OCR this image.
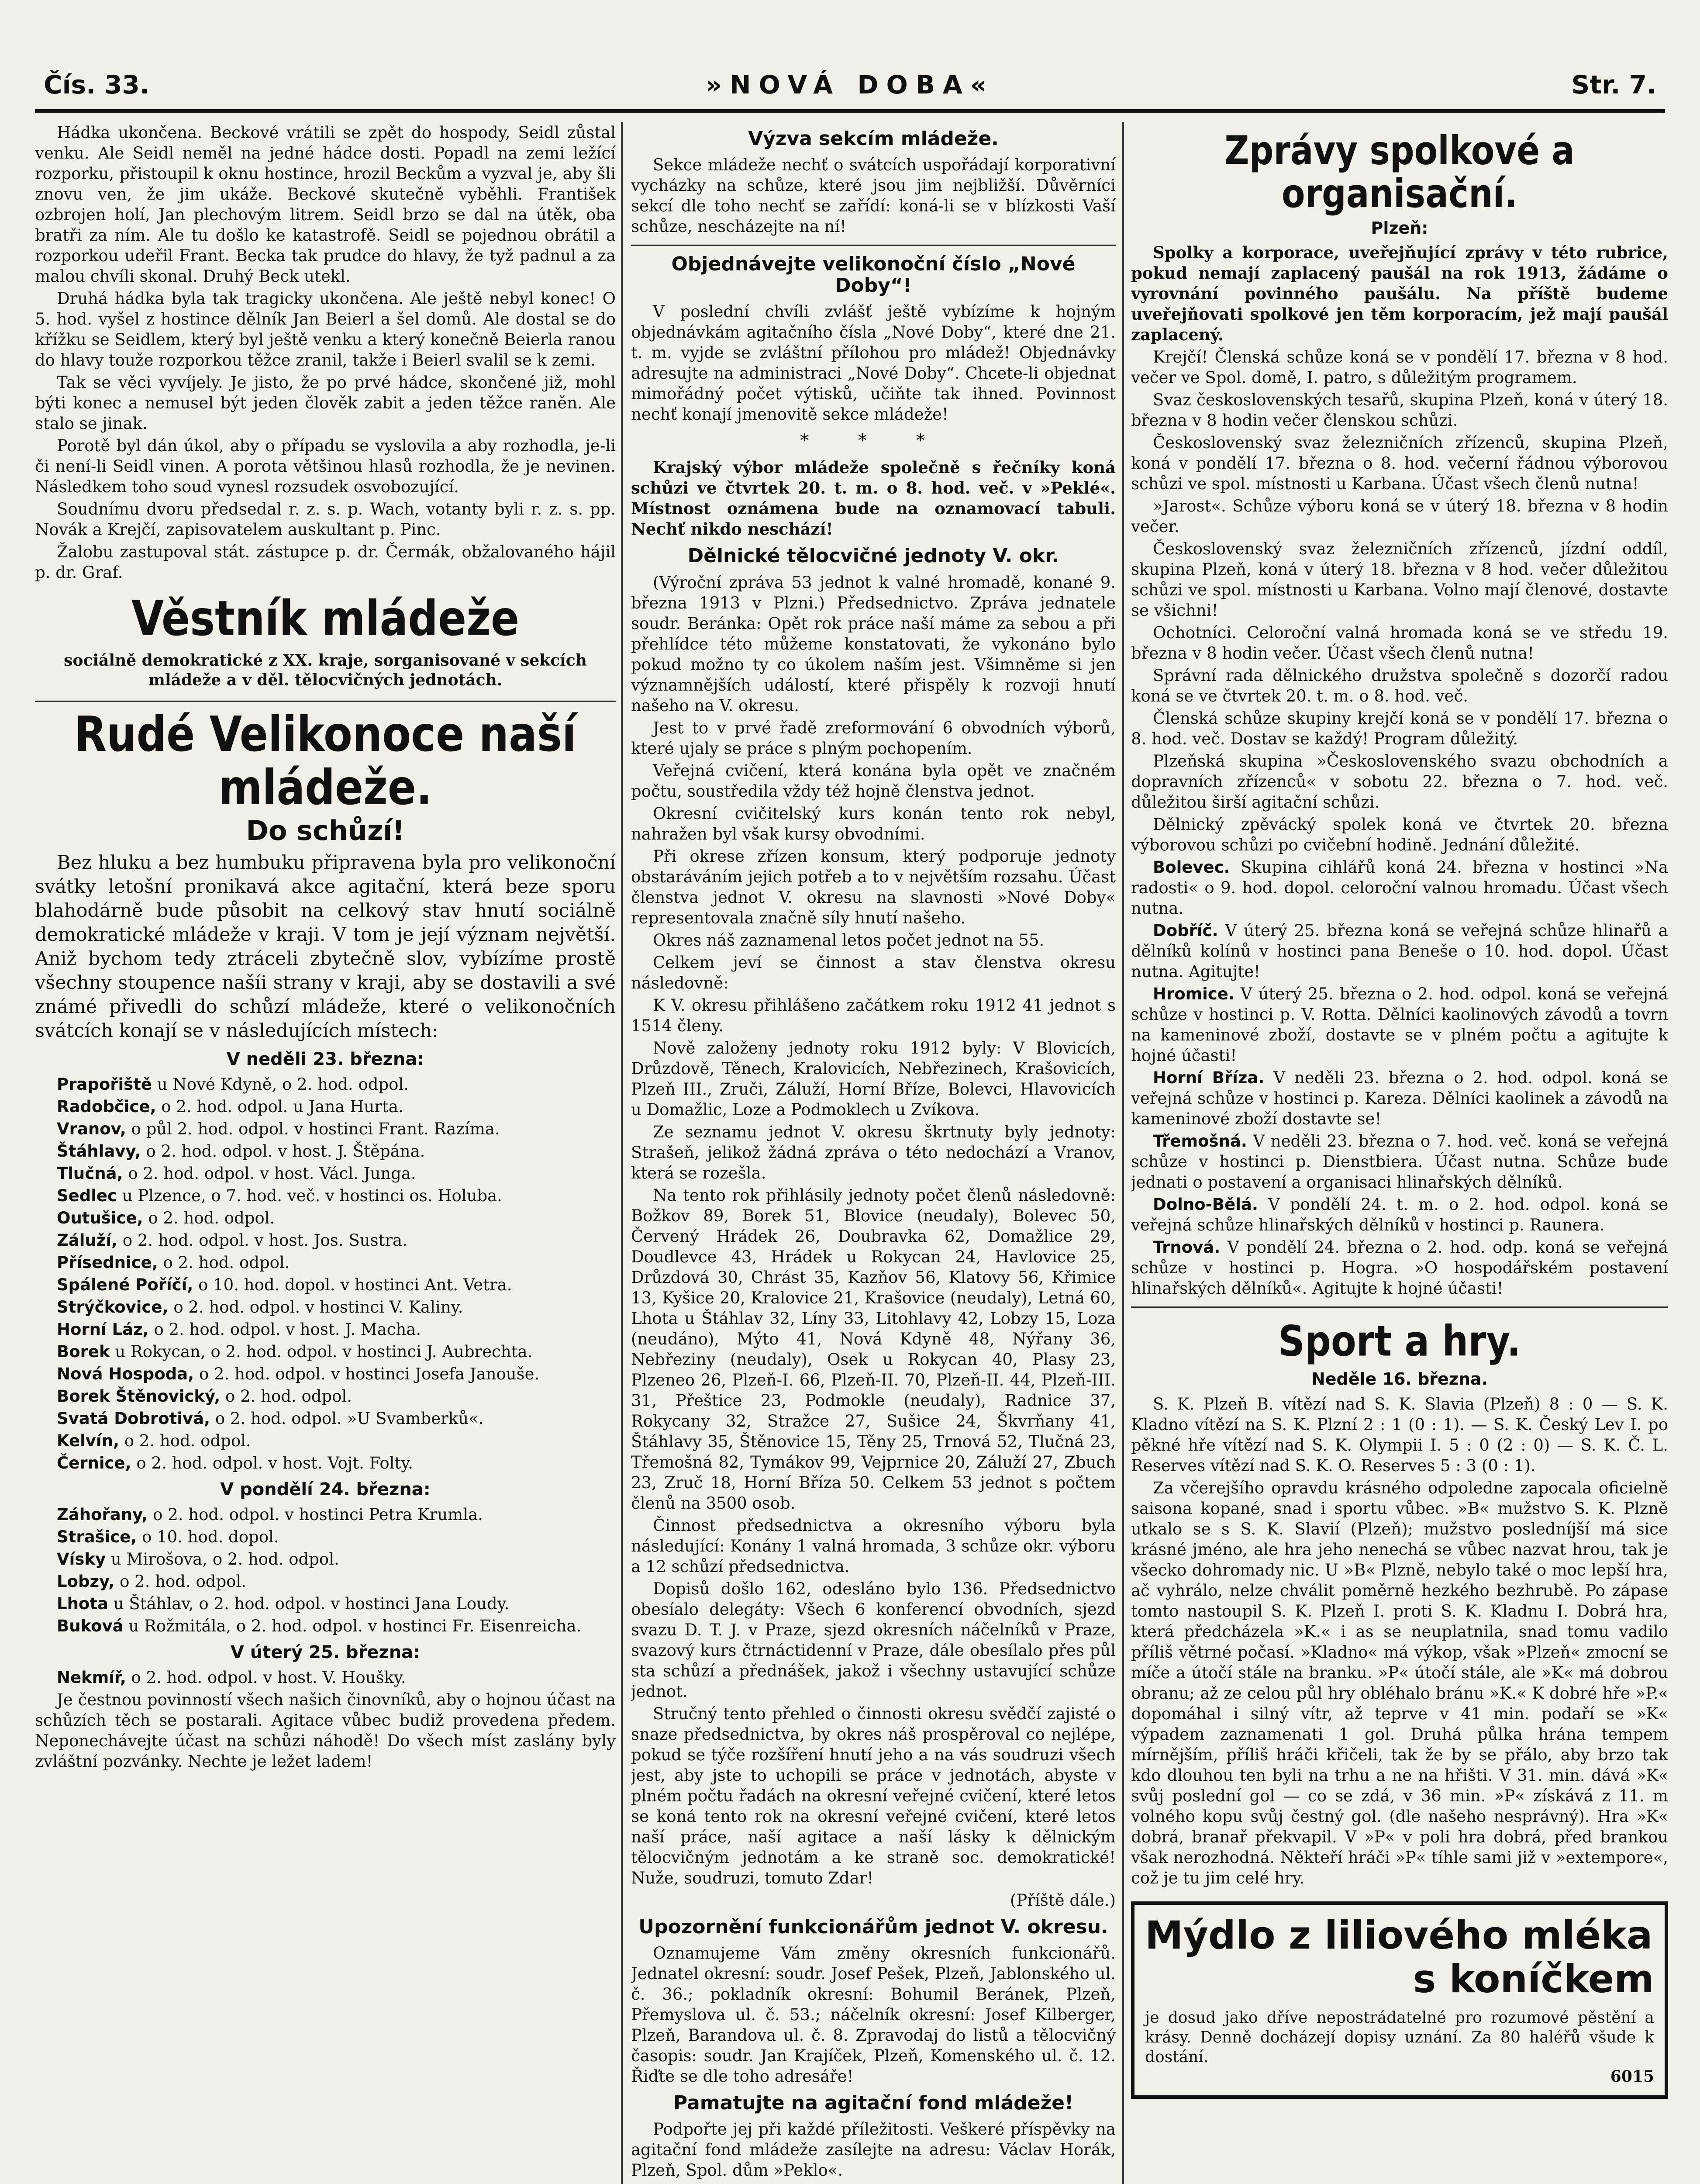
Čís. 33.	»NOVÁ DOBA«	Str. 7.

Hádka ukončena. Beckové vrátili se zpět do hospody, Seidl zůstal venku. Ale Seidl neměl na jedné hádce dosti. Popadl na zemi ležící rozporku, přistoupil k oknu hostince, hrozil Beckům a vyzval je, aby šli znovu ven, že jim ukáže. Beckové skutečně vyběhli. František ozbrojen holí, Jan plechovým litrem. Seidl brzo se dal na útěk, oba bratři za ním. Ale tu došlo ke katastrofě. Seidl se pojednou obrátil a rozporkou udeřil Frant. Becka tak prudce do hlavy, že tyž padnul a za malou chvíli skonal. Druhý Beck utekl.

Druhá hádka byla tak tragicky ukončena. Ale ještě nebyl konec! O 5. hod. vyšel z hostince dělník Jan Beierl a šel domů. Ale dostal se do křížku se Seidlem, který byl ještě venku a který konečně Beierla ranou do hlavy touže rozporkou těžce zranil, takže i Beierl svalil se k zemi.

Tak se věci vyvíjely. Je jisto, že po prvé hádce, skončené již, mohl býti konec a nemusel být jeden člověk zabit a jeden těžce raněn. Ale stalo se jinak.

Porotě byl dán úkol, aby o případu se vyslovila a aby rozhodla, je-li či není-li Seidl vinen. A porota většinou hlasů rozhodla, že je nevinen. Následkem toho soud vynesl rozsudek osvobozující.

Soudnímu dvoru předsedal r. z. s. p. Wach, votanty byli r. z. s. pp. Novák a Krejčí, zapisovatelem auskultant p. Pinc.

Žalobu zastupoval stát. zástupce p. dr. Čermák, obžalovaného hájil p. dr. Graf.

Věstník mládeže
sociálně demokratické z XX. kraje, sorganisované v sekcích mládeže a v děl. tělocvičných jednotách.
Rudé Velikonoce naší mládeže.
Do schůzí!

Bez hluku a bez humbuku připravena byla pro velikonoční svátky letošní pronikavá akce agitační, která beze sporu blahodárně bude působit na celkový stav hnutí sociálně demokratické mládeže v kraji. V tom je její význam největší. Aniž bychom tedy ztráceli zbytečně slov, vybízíme prostě všechny stoupence našíi strany v kraji, aby se dostavili a své známé přivedli do schůzí mládeže, které o velikonočních svátcích konají se v následujících místech:

V neděli 23. března:

Prapořiště u Nové Kdyně, o 2. hod. odpol.

Radobčice, o 2. hod. odpol. u Jana Hurta.

Vranov, o půl 2. hod. odpol. v hostinci Frant. Razíma.

Štáhlavy, o 2. hod. odpol. v host. J. Štěpána.

Tlučná, o 2. hod. odpol. v host. Václ. Junga.

Sedlec u Plzence, o 7. hod. več. v hostinci os. Holuba.

Outušice, o 2. hod. odpol.

Záluží, o 2. hod. odpol. v host. Jos. Sustra.

Přísednice, o 2. hod. odpol.

Spálené Poříčí, o 10. hod. dopol. v hostinci Ant. Vetra.

Strýčkovice, o 2. hod. odpol. v hostinci V. Kaliny.

Horní Láz, o 2. hod. odpol. v host. J. Macha.

Borek u Rokycan, o 2. hod. odpol. v hostinci J. Aubrechta.

Nová Hospoda, o 2. hod. odpol. v hostinci Josefa Janouše.

Borek Štěnovický, o 2. hod. odpol.

Svatá Dobrotivá, o 2. hod. odpol. »U Svamberků«.

Kelvín, o 2. hod. odpol.

Černice, o 2. hod. odpol. v host. Vojt. Folty.

V pondělí 24. března:

Záhořany, o 2. hod. odpol. v hostinci Petra Krumla.

Strašice, o 10. hod. dopol.

Vísky u Mirošova, o 2. hod. odpol.

Lobzy, o 2. hod. odpol.

Lhota u Štáhlav, o 2. hod. odpol. v hostinci Jana Loudy.

Buková u Rožmitála, o 2. hod. odpol. v hostinci Fr. Eisenreicha.

V úterý 25. března:

Nekmíř, o 2. hod. odpol. v host. V. Houšky.

Je čestnou povinností všech našich činovníků, aby o hojnou účast na schůzích těch se postarali. Agitace vůbec budiž provedena předem. Neponechávejte účast na schůzi náhodě! Do všech míst zaslány byly zvláštní pozvánky. Nechte je ležet ladem!

Výzva sekcím mládeže.

Sekce mládeže nechť o svátcích uspořádají korporativní vycházky na schůze, které jsou jim nejbližší. Důvěrníci sekcí dle toho nechť se zařídí: koná-li se v blízkosti Vaší schůze, nescházejte na ní!

Objednávejte velikonoční číslo „Nové Doby“!

V poslední chvíli zvlášť ještě vybízíme k hojným objednávkám agitačního čísla „Nové Doby“, které dne 21. t. m. vyjde se zvláštní přílohou pro mládež! Objednávky adresujte na administraci „Nové Doby“. Chcete-li objednat mimořádný počet výtisků, učiňte tak ihned. Povinnost nechť konají jmenovitě sekce mládeže!

* * *

Krajský výbor mládeže společně s řečníky koná schůzi ve čtvrtek 20. t. m. o 8. hod. več. v »Peklé«. Místnost oznámena bude na oznamovací tabuli. Nechť nikdo neschází!

Dělnické tělocvičné jednoty V. okr.

(Výroční zpráva 53 jednot k valné hromadě, konané 9. března 1913 v Plzni.) Předsednictvo. Zpráva jednatele soudr. Beránka: Opět rok práce naší máme za sebou a při přehlídce této můžeme konstatovati, že vykonáno bylo pokud možno ty co úkolem naším jest. Všimněme si jen významnějších událostí, které přispěly k rozvoji hnutí našeho na V. okresu.

Jest to v prvé řadě zreformování 6 obvodních výborů, které ujaly se práce s plným pochopením.

Veřejná cvičení, která konána byla opět ve značném počtu, soustředila vždy též hojně členstva jednot.

Okresní cvičitelský kurs konán tento rok nebyl, nahražen byl však kursy obvodními.

Při okrese zřízen konsum, který podporuje jednoty obstaráváním jejich potřeb a to v největším rozsahu. Účast členstva jednot V. okresu na slavnosti »Nové Doby« representovala značně síly hnutí našeho.

Okres náš zaznamenal letos počet jednot na 55.

Celkem jeví se činnost a stav členstva okresu následovně:

K V. okresu přihlášeno začátkem roku 1912 41 jednot s 1514 členy.

Nově založeny jednoty roku 1912 byly: V Blovicích, Drůzdově, Těnech, Kralovicích, Nebřezinech, Krašovicích, Plzeň III., Zruči, Záluží, Horní Bříze, Bolevci, Hlavovicích u Domažlic, Loze a Podmoklech u Zvíkova.

Ze seznamu jednot V. okresu škrtnuty byly jednoty: Strašeň, jelikož žádná zpráva o této nedochází a Vranov, která se rozešla.

Na tento rok přihlásily jednoty počet členů následovně: Božkov 89, Borek 51, Blovice (neudaly), Bolevec 50, Červený Hrádek 26, Doubravka 62, Domažlice 29, Doudlevce 43, Hrádek u Rokycan 24, Havlovice 25, Drůzdová 30, Chrást 35, Kazňov 56, Klatovy 56, Křimice 13, Kyšice 20, Kralovice 21, Krašovice (neudaly), Letná 60, Lhota u Štáhlav 32, Líny 33, Litohlavy 42, Lobzy 15, Loza (neudáno), Mýto 41, Nová Kdyně 48, Nýřany 36, Nebřeziny (neudaly), Osek u Rokycan 40, Plasy 23, Plzeneo 26, Plzeň-I. 66, Plzeň-II. 70, Plzeň-II. 44, Plzeň-III. 31, Přeštice 23, Podmokle (neudaly), Radnice 37, Rokycany 32, Stražce 27, Sušice 24, Škvrňany 41, Štáhlavy 35, Štěnovice 15, Těny 25, Trnová 52, Tlučná 23, Třemošná 82, Tymákov 99, Vejprnice 20, Záluží 27, Zbuch 23, Zruč 18, Horní Bříza 50. Celkem 53 jednot s počtem členů na 3500 osob.

Činnost předsednictva a okresního výboru byla následující: Konány 1 valná hromada, 3 schůze okr. výboru a 12 schůzí předsednictva.

Dopisů došlo 162, odesláno bylo 136. Předsednictvo obesíalo delegáty: Všech 6 konferencí obvodních, sjezd svazu D. T. J. v Praze, sjezd okresních náčelníků v Praze, svazový kurs čtrnáctidenní v Praze, dále obesílalo přes půl sta schůzí a přednášek, jakož i všechny ustavující schůze jednot.

Stručný tento přehled o činnosti okresu svědčí zajisté o snaze předsednictva, by okres náš prospěroval co nejlépe, pokud se týče rozšíření hnutí jeho a na vás soudruzi všech jest, aby jste to uchopili se práce v jednotách, abyste v plném počtu řadách na okresní veřejné cvičení, které letos se koná tento rok na okresní veřejné cvičení, které letos naší práce, naší agitace a naší lásky k dělnickým tělocvičným jednotám a ke straně soc. demokratické! Nuže, soudruzi, tomuto Zdar!

(Příště dále.)

Upozornění funkcionářům jednot V. okresu.

Oznamujeme Vám změny okresních funkcionářů. Jednatel okresní: soudr. Josef Pešek, Plzeň, Jablonského ul. č. 36.; pokladník okresní: Bohumil Beránek, Plzeň, Přemyslova ul. č. 53.; náčelník okresní: Josef Kilberger, Plzeň, Barandova ul. č. 8. Zpravodaj do listů a tělocvičný časopis: soudr. Jan Krajíček, Plzeň, Komenského ul. č. 12. Řiďte se dle toho adresáře!

Pamatujte na agitační fond mládeže!

Podpořte jej při každé příležitosti. Veškeré příspěvky na agitační fond mládeže zasílejte na adresu: Václav Horák, Plzeň, Spol. dům »Peklo«.

Zprávy spolkové a organisační.
Plzeň:

Spolky a korporace, uveřejňující zprávy v této rubrice, pokud nemají zaplacený paušál na rok 1913, žádáme o vyrovnání povinného paušálu. Na příště budeme uveřejňovati spolkové jen těm korporacím, jež mají paušál zaplacený.

Krejčí! Členská schůze koná se v pondělí 17. března v 8 hod. večer ve Spol. domě, I. patro, s důležitým programem.

Svaz československých tesařů, skupina Plzeň, koná v úterý 18. března v 8 hodin večer členskou schůzi.

Československý svaz železničních zřízenců, skupina Plzeň, koná v pondělí 17. března o 8. hod. večerní řádnou výborovou schůzi ve spol. místnosti u Karbana. Účast všech členů nutna!

»Jarost«. Schůze výboru koná se v úterý 18. března v 8 hodin večer.

Československý svaz železničních zřízenců, jízdní oddíl, skupina Plzeň, koná v úterý 18. března v 8 hod. večer důležitou schůzi ve spol. místnosti u Karbana. Volno mají členové, dostavte se všichni!

Ochotníci. Celoroční valná hromada koná se ve středu 19. března v 8 hodin večer. Účast všech členů nutna!

Správní rada dělnického družstva společně s dozorčí radou koná se ve čtvrtek 20. t. m. o 8. hod. več.

Členská schůze skupiny krejčí koná se v pondělí 17. března o 8. hod. več. Dostav se každý! Program důležitý.

Plzeňská skupina »Československého svazu obchodních a dopravních zřízenců« v sobotu 22. března o 7. hod. več. důležitou širší agitační schůzi.

Dělnický zpěvácký spolek koná ve čtvrtek 20. března výborovou schůzi po cvičební hodině. Jednání důležité.

Bolevec. Skupina cihlářů koná 24. března v hostinci »Na radosti« o 9. hod. dopol. celoroční valnou hromadu. Účast všech nutna.

Dobříč. V úterý 25. března koná se veřejná schůze hlinařů a dělníků kolínů v hostinci pana Beneše o 10. hod. dopol. Účast nutna. Agitujte!

Hromice. V úterý 25. března o 2. hod. odpol. koná se veřejná schůze v hostinci p. V. Rotta. Dělníci kaolinových závodů a tovrn na kameninové zboží, dostavte se v plném počtu a agitujte k hojné účasti!

Horní Bříza. V neděli 23. března o 2. hod. odpol. koná se veřejná schůze v hostinci p. Kareza. Dělníci kaolinek a závodů na kameninové zboží dostavte se!

Třemošná. V neděli 23. března o 7. hod. več. koná se veřejná schůze v hostinci p. Dienstbiera. Účast nutna. Schůze bude jednati o postavení a organisaci hlinařských dělníků.

Dolno-Bělá. V pondělí 24. t. m. o 2. hod. odpol. koná se veřejná schůze hlinařských dělníků v hostinci p. Raunera.

Trnová. V pondělí 24. března o 2. hod. odp. koná se veřejná schůze v hostinci p. Hogra. »O hospodářském postavení hlinařských dělníků«. Agitujte k hojné účasti!

Sport a hry.
Neděle 16. března.

S. K. Plzeň B. vítězí nad S. K. Slavia (Plzeň) 8 : 0 — S. K. Kladno vítězí na S. K. Plzní 2 : 1 (0 : 1). — S. K. Český Lev I. po pěkné hře vítězí nad S. K. Olympii I. 5 : 0 (2 : 0) — S. K. Č. L. Reserves vítězí nad S. K. O. Reserves 5 : 3 (0 : 1).

Za včerejšího opravdu krásného odpoledne zapocala oficielně saisona kopané, snad i sportu vůbec. »B« mužstvo S. K. Plzně utkalo se s S. K. Slavií (Plzeň); mužstvo posledníjší má sice krásné jméno, ale hra jeho nenechá se vůbec nazvat hrou, tak je všecko dohromady nic. U »B« Plzně, nebylo také o moc lepší hra, ač vyhrálo, nelze chválit poměrně hezkého bezhrubě. Po zápase tomto nastoupil S. K. Plzeň I. proti S. K. Kladnu I. Dobrá hra, která předcházela »K.« i as se neuplatnila, snad tomu vadilo příliš větrné počasí. »Kladno« má výkop, však »Plzeň« zmocní se míče a útočí stále na branku. »P« útočí stále, ale »K« má dobrou obranu; až ze celou půl hry obléhalo bránu »K.« K dobré hře »P.« dopomáhal i silný vítr, až teprve v 41 min. podaří se »K« výpadem zaznamenati 1 gol. Druhá půlka hrána tempem mírnějším, příliš hráči křičeli, tak že by se přálo, aby brzo tak kdo dlouhou ten byli na trhu a ne na hřišti. V 31. min. dává »K« svůj poslední gol — co se zdá, v 36 min. »P« získává z 11. m volného kopu svůj čestný gol. (dle našeho nesprávný). Hra »K« dobrá, branař překvapil. V »P« v poli hra dobrá, před brankou však nerozhodná. Někteří hráči »P« tíhle sami již v »extempore«, což je tu jim celé hry.

Mýdlo z liliového mléka
s koníčkem
je dosud jako dříve nepostrádatelné pro rozumové pěstění a krásy. Denně docházejí dopisy uznání. Za 80 haléřů všude k dostání.
6015
